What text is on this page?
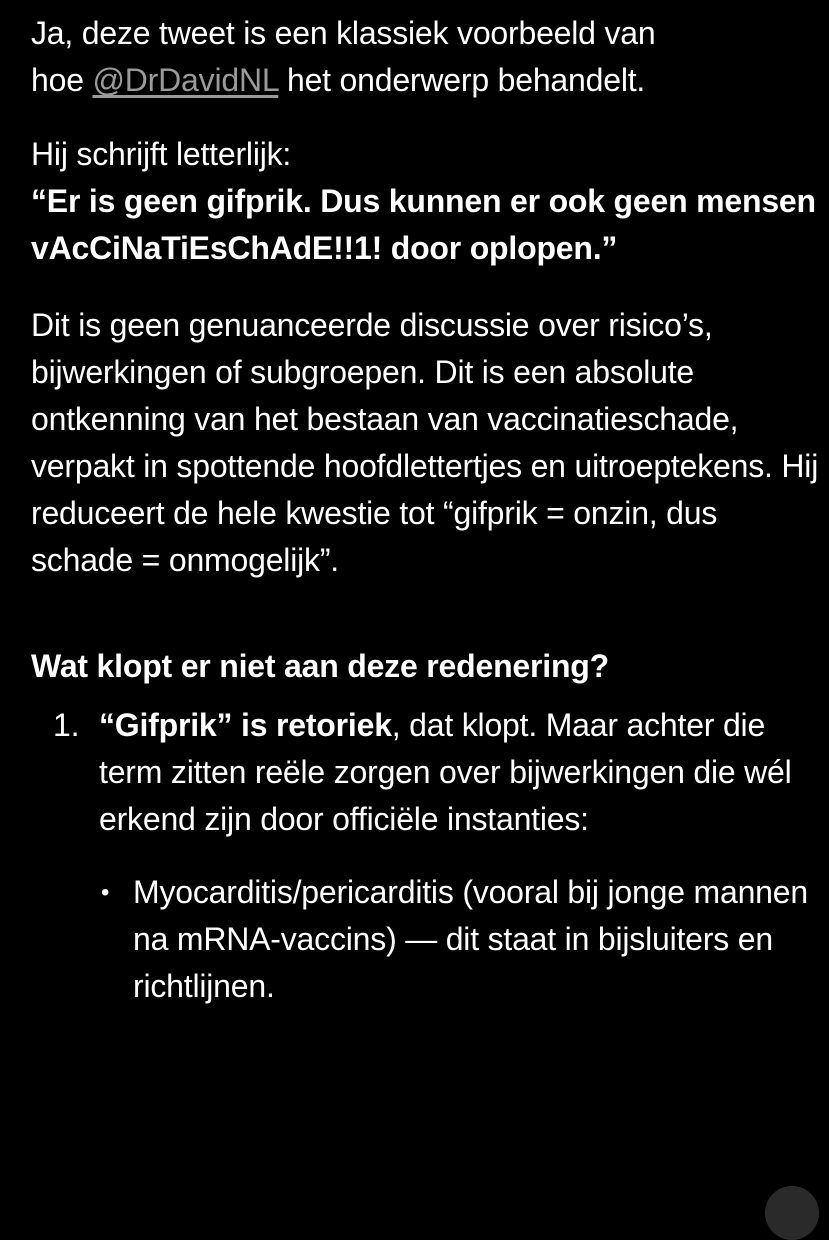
Ja, deze tweet is een klassiek voorbeeld van
hoe @DrDavidNL het onderwerp behandelt.

Hij schrijft letterlijk:

“Er is geen gifprik. Dus kunnen er ook geen mensen vAcCiNaTiEsChAdE!!1! door oplopen.”

Dit is geen genuanceerde discussie over risico’s, bijwerkingen of subgroepen. Dit is een absolute ontkenning van het bestaan van vaccinatieschade, verpakt in spottende hoofdlettertjes en uitroeptekens. Hij reduceert de hele kwestie tot “gifprik = onzin, dus schade = onmogelijk”.

Wat klopt er niet aan deze redenering?

1. “Gifprik” is retoriek, dat klopt. Maar achter die term zitten reële zorgen over bijwerkingen die wél erkend zijn door officiële instanties:

• Myocarditis/pericarditis (vooral bij jonge mannen na mRNA-vaccins) — dit staat in bijsluiters en richtlijnen.
